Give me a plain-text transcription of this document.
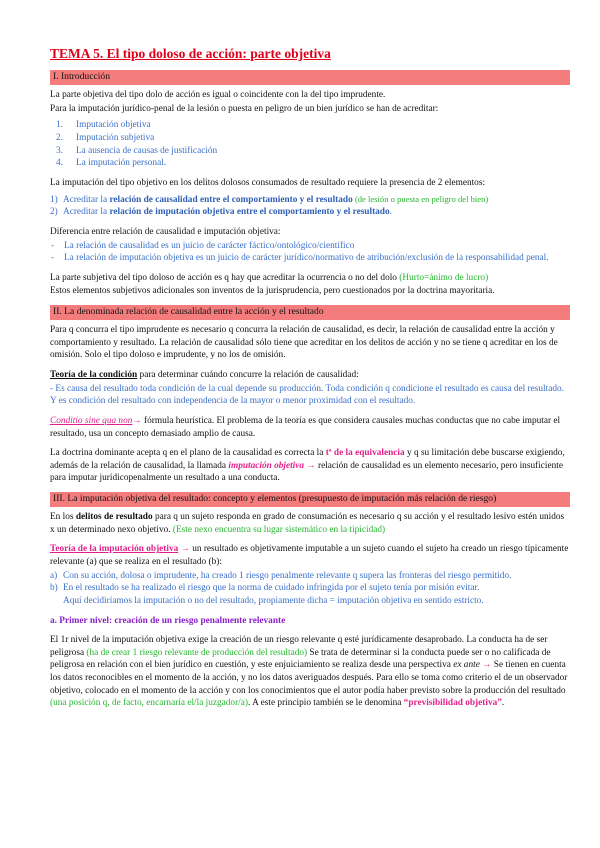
TEMA 5. El tipo doloso de acción: parte objetiva
I. Introducción

La parte objetiva del tipo dolo de acción es igual o coincidente con la del tipo imprudente.

Para la imputación jurídico-penal de la lesión o puesta en peligro de un bien jurídico se han de acreditar:

1. Imputación objetiva
2. Imputación subjetiva
3. La ausencia de causas de justificación
4. La imputación personal.

La imputación del tipo objetivo en los delitos dolosos consumados de resultado requiere la presencia de 2 elementos:

1) Acreditar la relación de causalidad entre el comportamiento y el resultado (de lesión o puesta en peligro del bien)
2) Acreditar la relación de imputación objetiva entre el comportamiento y el resultado.

Diferencia entre relación de causalidad e imputación objetiva:

- La relación de causalidad es un juicio de carácter fáctico/ontológico/científico
- La relación de imputación objetiva es un juicio de carácter jurídico/normativo de atribución/exclusión de la responsabilidad penal.

La parte subjetiva del tipo doloso de acción es q hay que acreditar la ocurrencia o no del dolo (Hurto=ánimo de lucro)

Estos elementos subjetivos adicionales son inventos de la jurisprudencia, pero cuestionados por la doctrina mayoritaria.

II. La denominada relación de causalidad entre la acción y el resultado

Para q concurra el tipo imprudente es necesario q concurra la relación de causalidad, es decir, la relación de causalidad entre la acción y comportamiento y resultado. La relación de causalidad sólo tiene que acreditar en los delitos de acción y no se tiene q acreditar en los de omisión. Solo el tipo doloso e imprudente, y no los de omisión.

Teoría de la condición para determinar cuándo concurre la relación de causalidad:

- Es causa del resultado toda condición de la cual depende su producción. Toda condición q condicione el resultado es causa del resultado. Y es condición del resultado con independencia de la mayor o menor proximidad con el resultado.

Conditio sine qua non→ fórmula heurística. El problema de la teoría es que considera causales muchas conductas que no cabe imputar el resultado, usa un concepto demasiado amplio de causa.

La doctrina dominante acepta q en el plano de la causalidad es correcta la tª de la equivalencia y q su limitación debe buscarse exigiendo, además de la relación de causalidad, la llamada imputación objetiva → relación de causalidad es un elemento necesario, pero insuficiente para imputar jurídicopenalmente un resultado a una conducta.

III. La imputación objetiva del resultado: concepto y elementos (presupuesto de imputación más relación de riesgo)

En los delitos de resultado para q un sujeto responda en grado de consumación es necesario q su acción y el resultado lesivo estén unidos x un determinado nexo objetivo. (Este nexo encuentra su lugar sistemático en la tipicidad)

Teoría de la imputación objetiva → un resultado es objetivamente imputable a un sujeto cuando el sujeto ha creado un riesgo típicamente relevante (a) que se realiza en el resultado (b):

a) Con su acción, dolosa o imprudente, ha creado 1 riesgo penalmente relevante q supera las fronteras del riesgo permitido.
b) En el resultado se ha realizado el riesgo que la norma de cuidado infringida por el sujeto tenía por misión evitar.
Aquí decidiríamos la imputación o no del resultado, propiamente dicha = imputación objetiva en sentido estricto.

a. Primer nivel: creación de un riesgo penalmente relevante

El 1r nivel de la imputación objetiva exige la creación de un riesgo relevante q esté jurídicamente desaprobado. La conducta ha de ser peligrosa (ha de crear 1 riesgo relevante de producción del resultado) Se trata de determinar si la conducta puede ser o no calificada de peligrosa en relación con el bien jurídico en cuestión, y este enjuiciamiento se realiza desde una perspectiva ex ante → Se tienen en cuenta los datos reconocibles en el momento de la acción, y no los datos averiguados después. Para ello se toma como criterio el de un observador objetivo, colocado en el momento de la acción y con los conocimientos que el autor podía haber previsto sobre la producción del resultado (una posición q, de facto, encarnaría el/la juzgador/a). A este principio también se le denomina “previsibilidad objetiva”.
